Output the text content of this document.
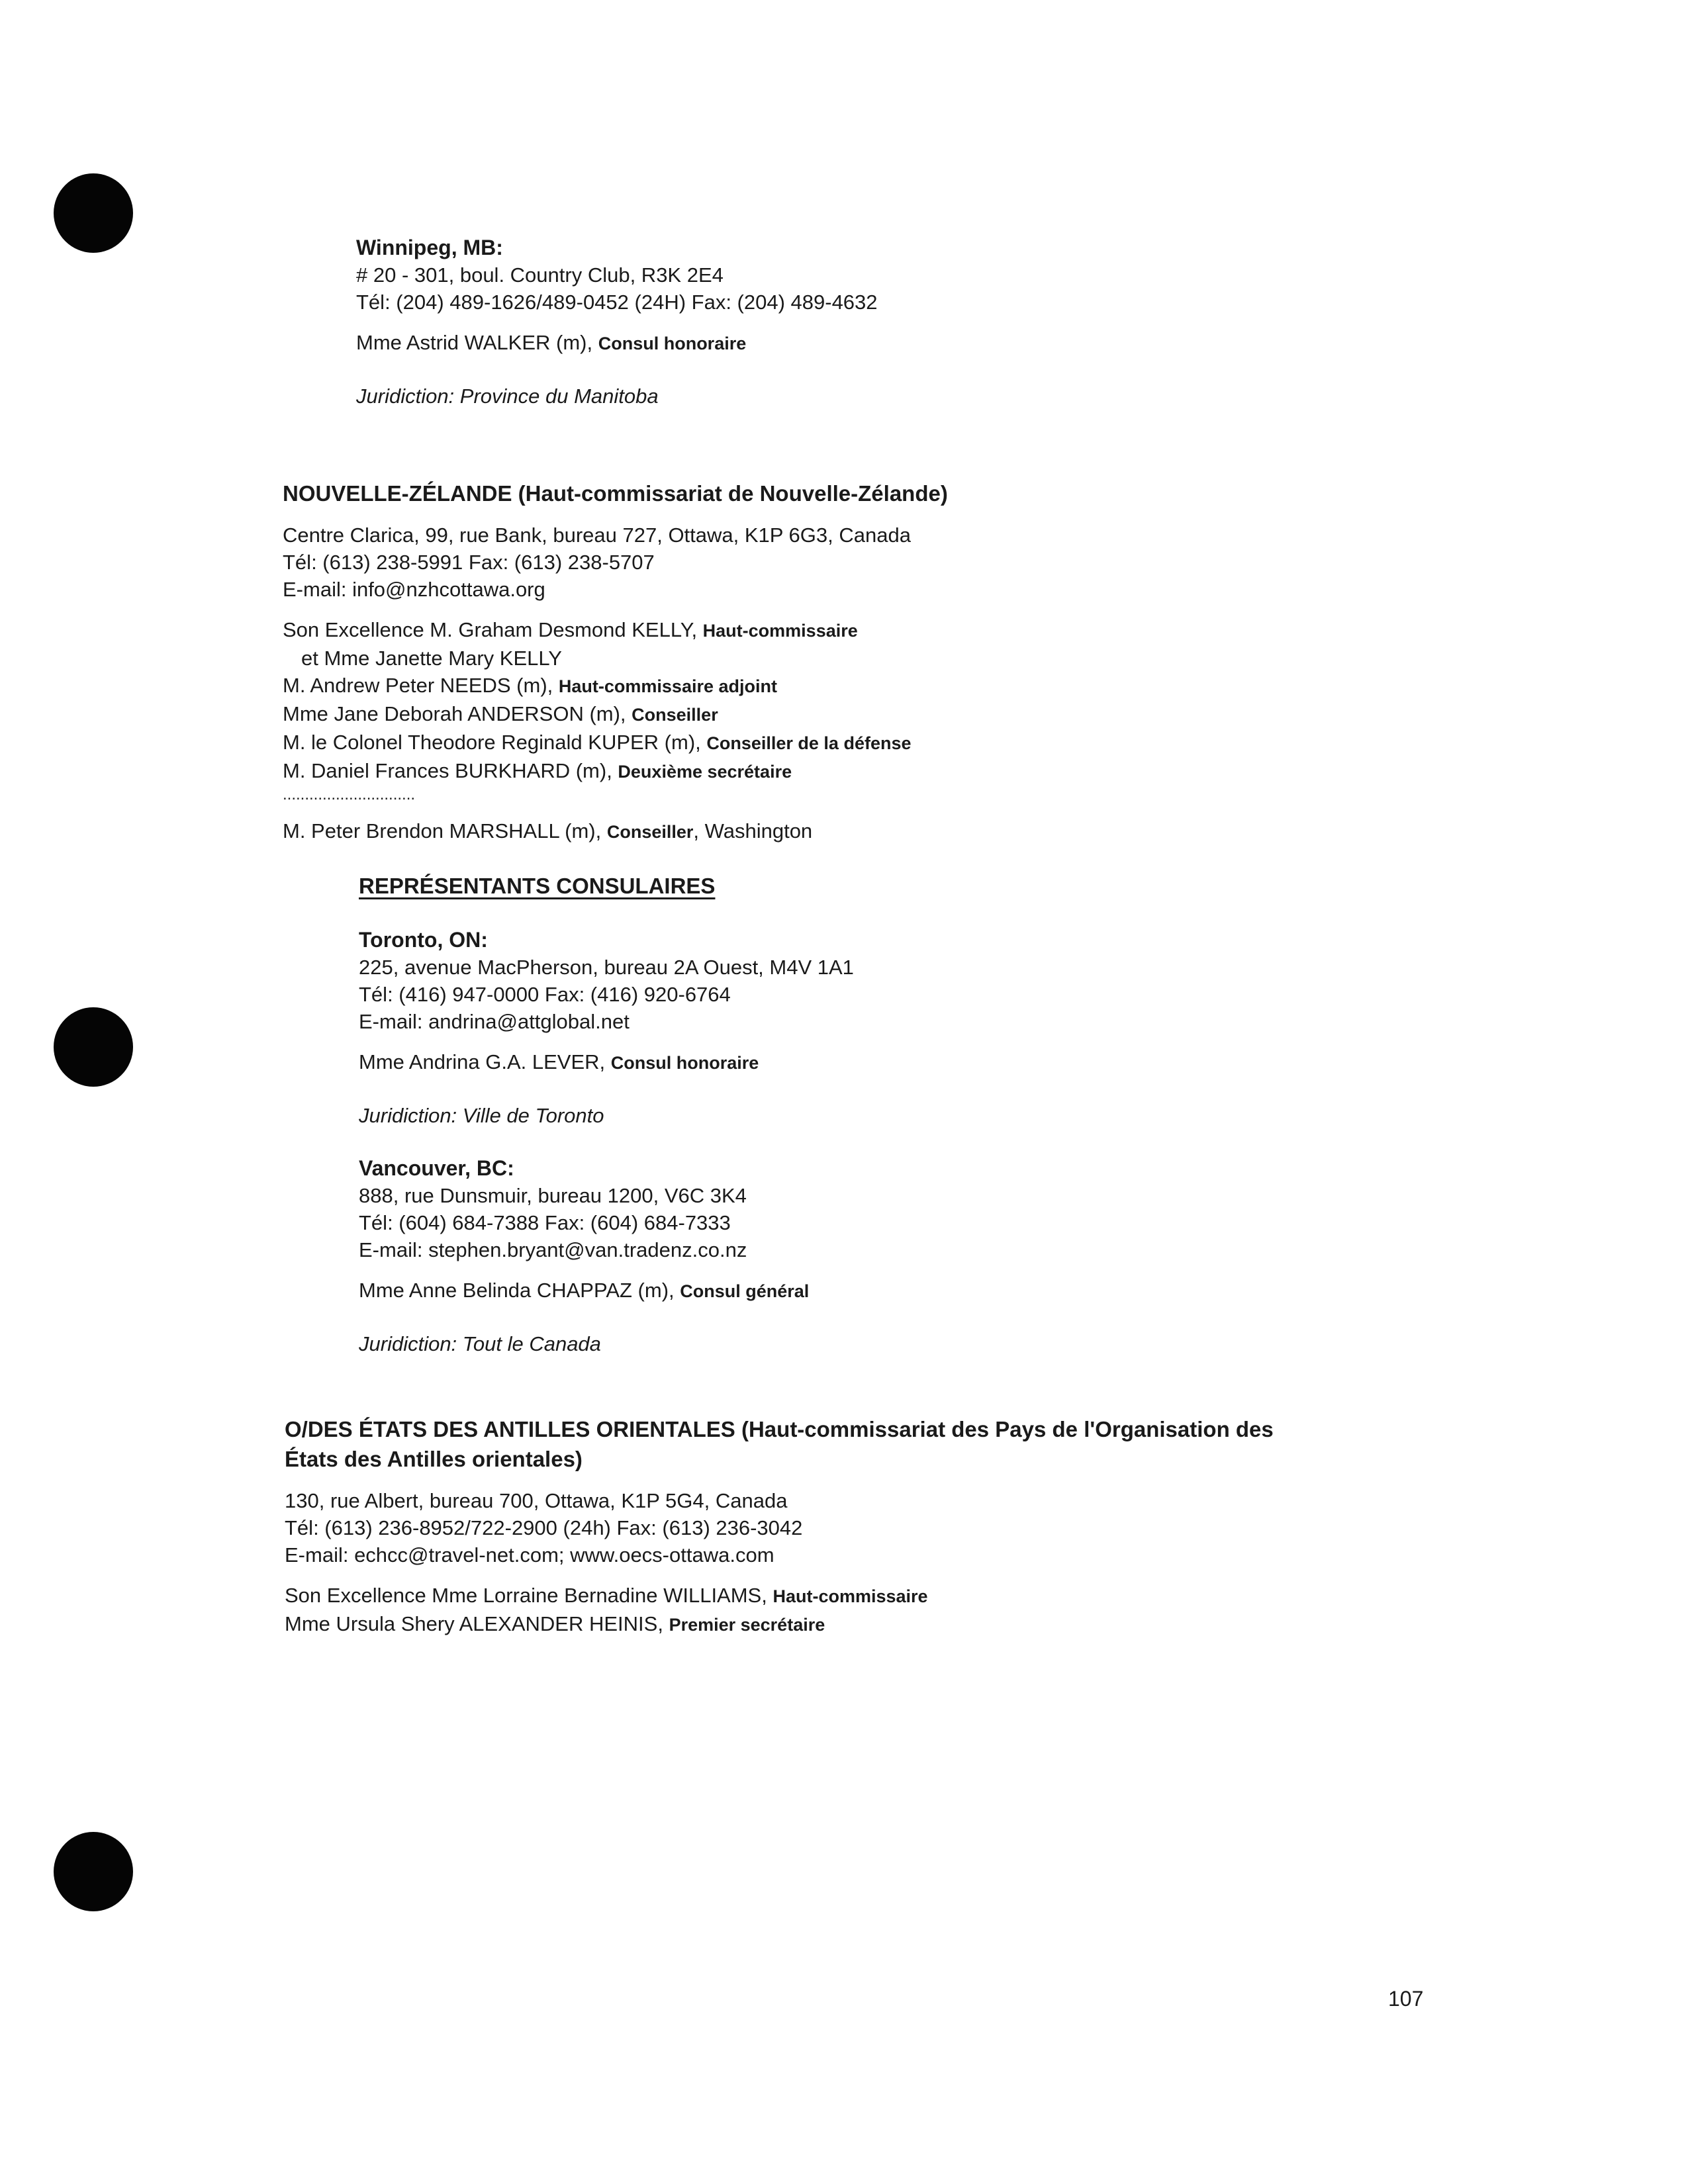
Winnipeg, MB:
# 20 - 301, boul. Country Club, R3K 2E4
Tél: (204) 489-1626/489-0452 (24H) Fax: (204) 489-4632
Mme Astrid WALKER (m), Consul honoraire
Juridiction: Province du Manitoba
NOUVELLE-ZÉLANDE (Haut-commissariat de Nouvelle-Zélande)
Centre Clarica, 99, rue Bank, bureau 727, Ottawa, K1P 6G3, Canada
Tél: (613) 238-5991 Fax: (613) 238-5707
E-mail: info@nzhcottawa.org
Son Excellence M. Graham Desmond KELLY, Haut-commissaire
et Mme Janette Mary KELLY
M. Andrew Peter NEEDS (m), Haut-commissaire adjoint
Mme Jane Deborah ANDERSON (m), Conseiller
M. le Colonel Theodore Reginald KUPER (m), Conseiller de la défense
M. Daniel Frances BURKHARD (m), Deuxième secrétaire
..............................
M. Peter Brendon MARSHALL (m), Conseiller, Washington
REPRÉSENTANTS CONSULAIRES
Toronto, ON:
225, avenue MacPherson, bureau 2A Ouest, M4V 1A1
Tél: (416) 947-0000 Fax: (416) 920-6764
E-mail: andrina@attglobal.net
Mme Andrina G.A. LEVER, Consul honoraire
Juridiction: Ville de Toronto
Vancouver, BC:
888, rue Dunsmuir, bureau 1200, V6C 3K4
Tél: (604) 684-7388 Fax: (604) 684-7333
E-mail: stephen.bryant@van.tradenz.co.nz
Mme Anne Belinda CHAPPAZ (m), Consul général
Juridiction: Tout le Canada
O/DES ÉTATS DES ANTILLES ORIENTALES (Haut-commissariat des Pays de l'Organisation des
États des Antilles orientales)
130, rue Albert, bureau 700, Ottawa, K1P 5G4, Canada
Tél: (613) 236-8952/722-2900 (24h) Fax: (613) 236-3042
E-mail: echcc@travel-net.com; www.oecs-ottawa.com
Son Excellence Mme Lorraine Bernadine WILLIAMS, Haut-commissaire
Mme Ursula Shery ALEXANDER HEINIS, Premier secrétaire
107
